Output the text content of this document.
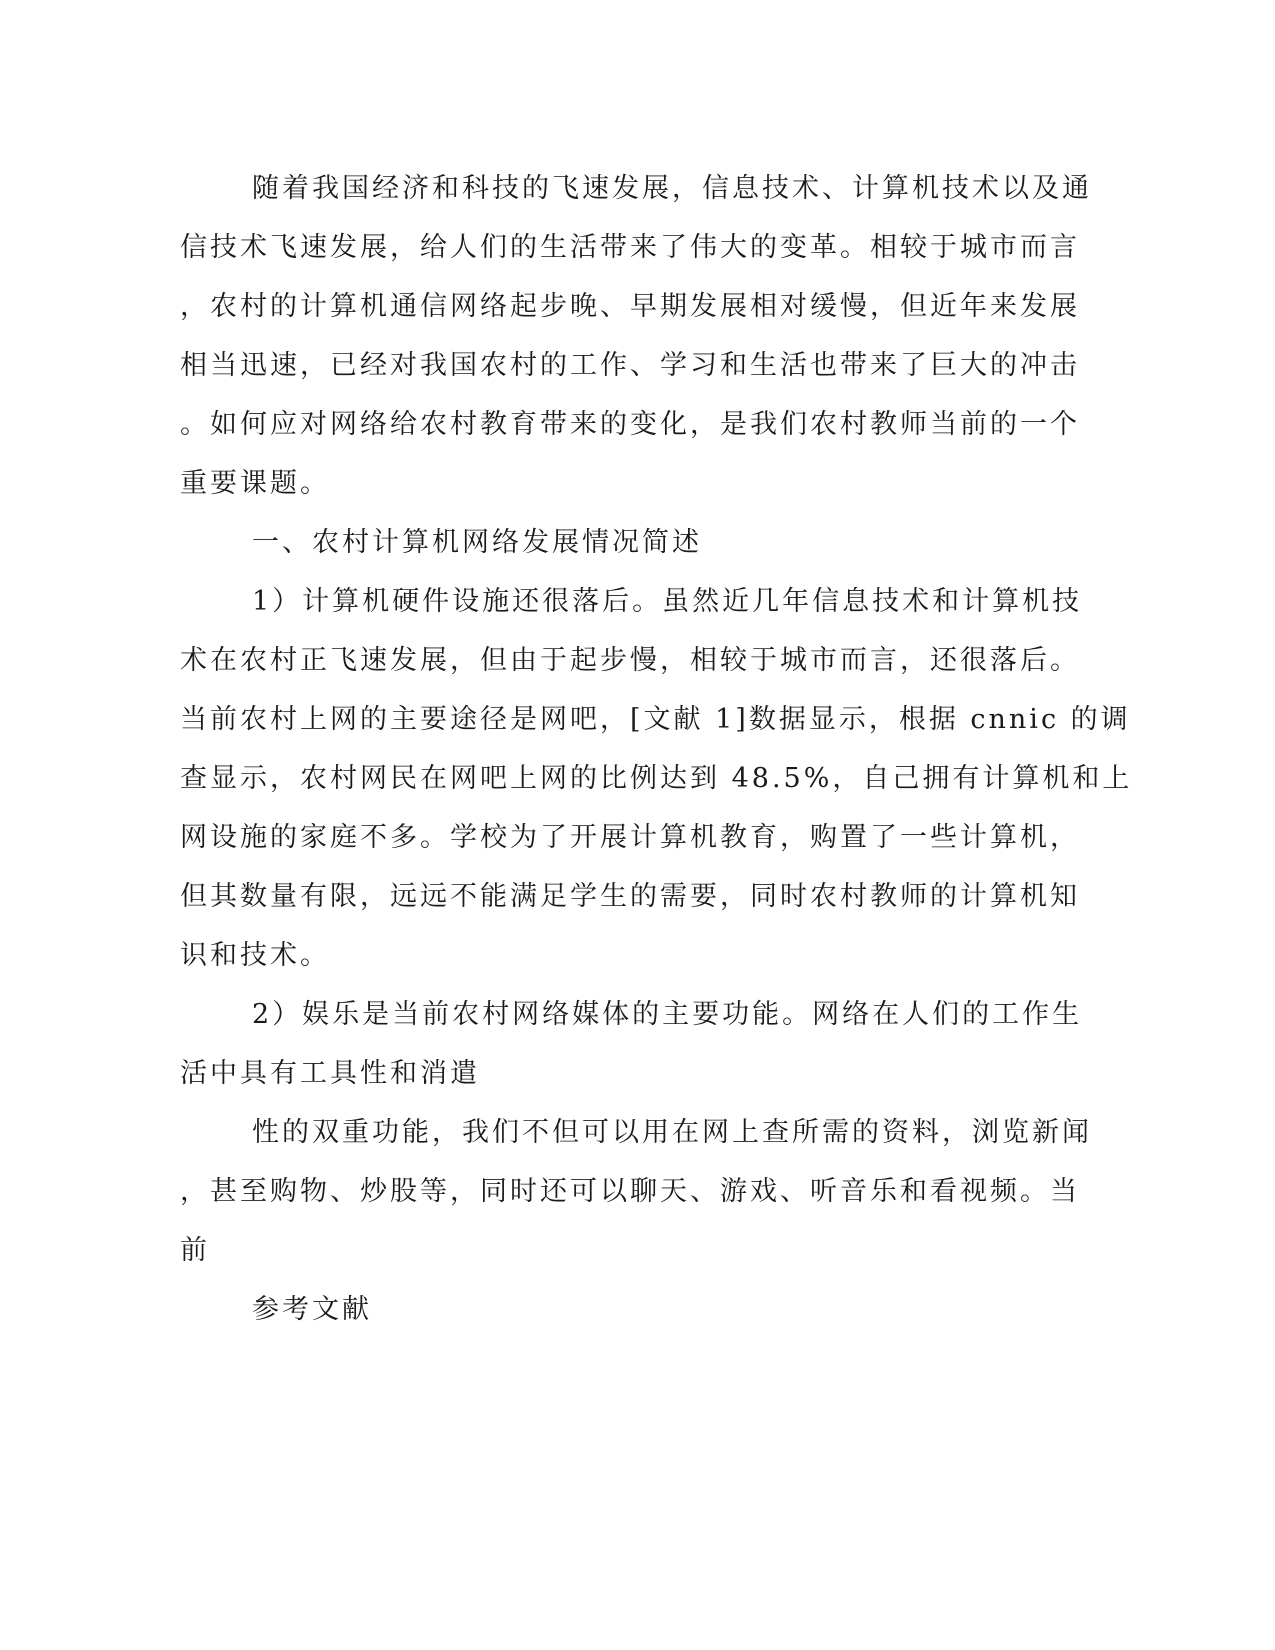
随着我国经济和科技的飞速发展，信息技术、计算机技术以及通
信技术飞速发展，给人们的生活带来了伟大的变革。相较于城市而言
，农村的计算机通信网络起步晚、早期发展相对缓慢，但近年来发展
相当迅速，已经对我国农村的工作、学习和生活也带来了巨大的冲击
。如何应对网络给农村教育带来的变化，是我们农村教师当前的一个
重要课题。
一、农村计算机网络发展情况简述
1）计算机硬件设施还很落后。虽然近几年信息技术和计算机技
术在农村正飞速发展，但由于起步慢，相较于城市而言，还很落后。
当前农村上网的主要途径是网吧，[文献 1]数据显示，根据 cnnic 的调
查显示，农村网民在网吧上网的比例达到 48.5%，自己拥有计算机和上
网设施的家庭不多。学校为了开展计算机教育，购置了一些计算机，
但其数量有限，远远不能满足学生的需要，同时农村教师的计算机知
识和技术。
2）娱乐是当前农村网络媒体的主要功能。网络在人们的工作生
活中具有工具性和消遣
性的双重功能，我们不但可以用在网上查所需的资料，浏览新闻
，甚至购物、炒股等，同时还可以聊天、游戏、听音乐和看视频。当
前
参考文献
